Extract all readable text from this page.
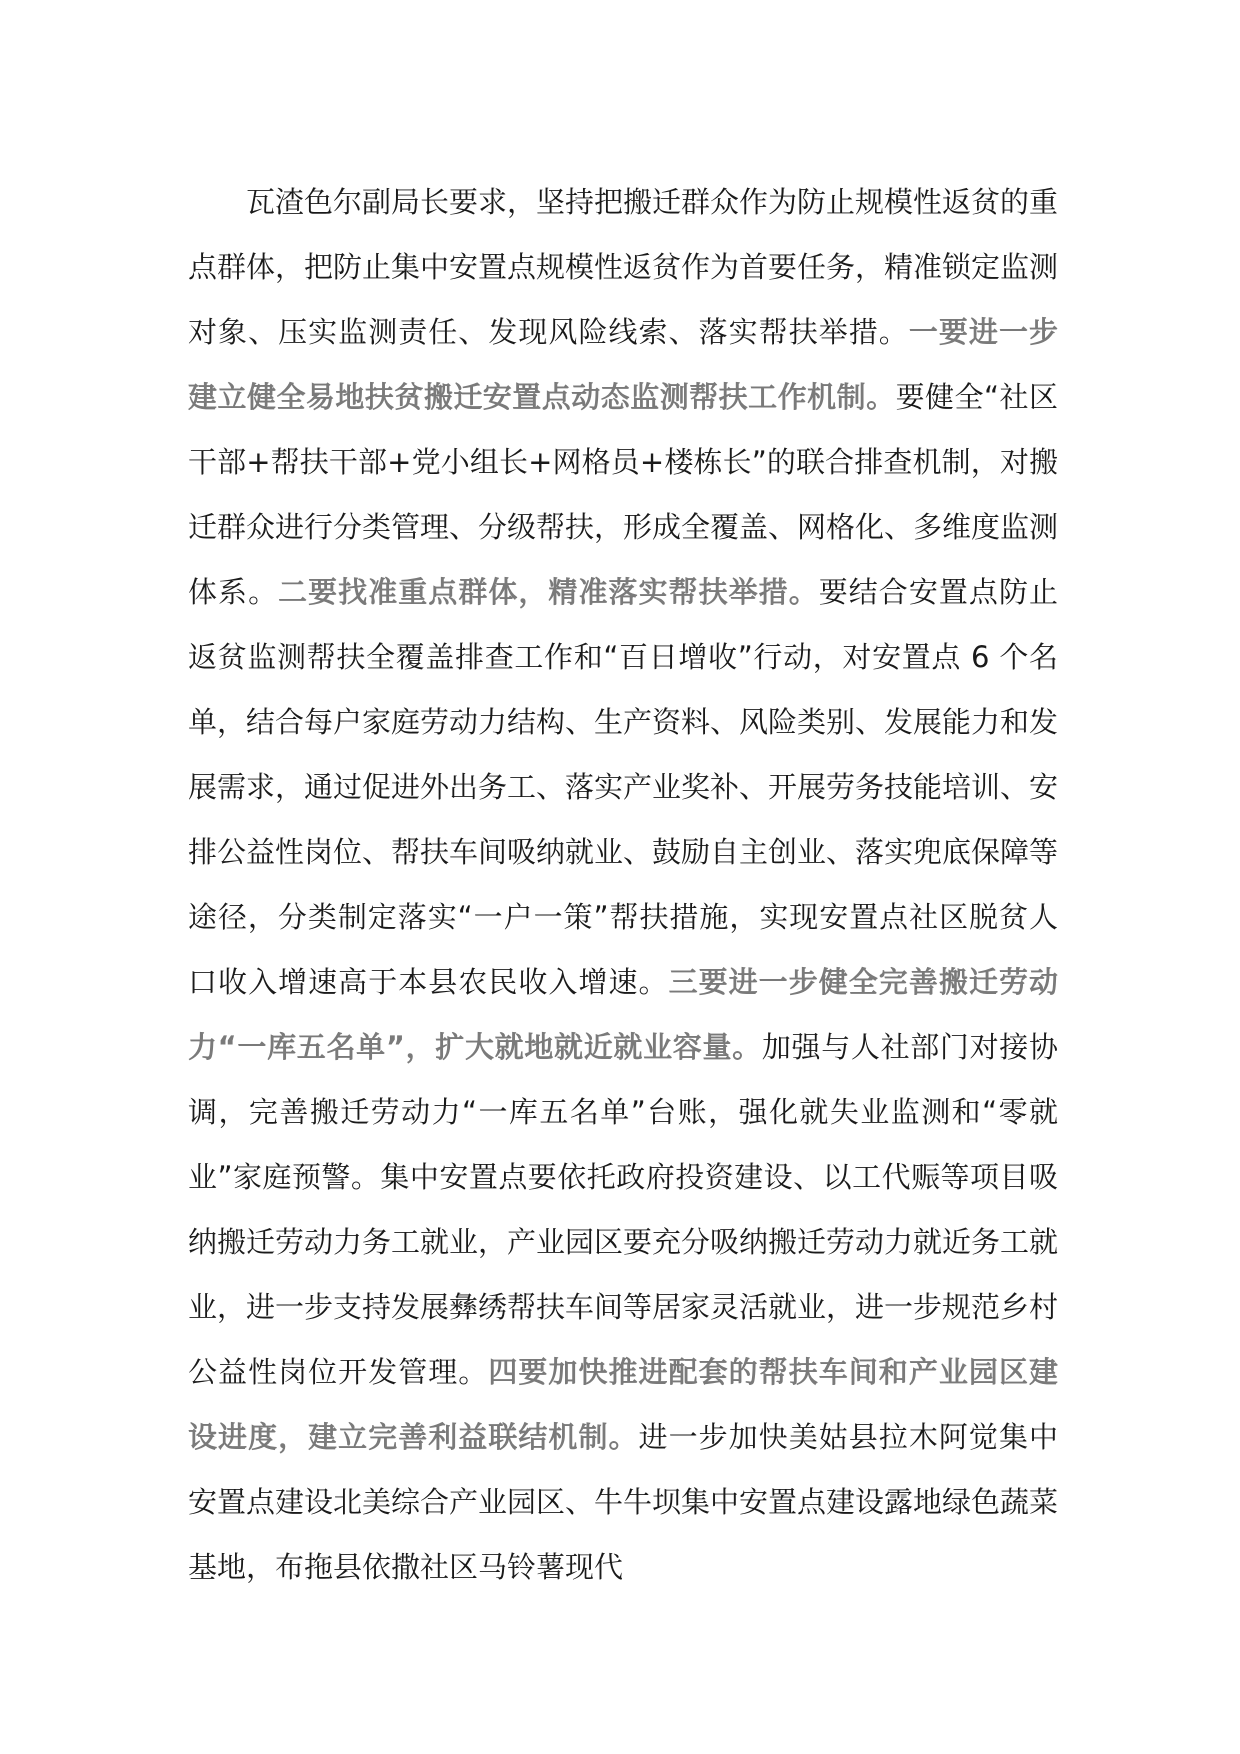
瓦渣色尔副局长要求，坚持把搬迁群众作为防止规模性返贫的重点群体，把防止集中安置点规模性返贫作为首要任务，精准锁定监测对象、压实监测责任、发现风险线索、落实帮扶举措。一要进一步建立健全易地扶贫搬迁安置点动态监测帮扶工作机制。要健全“社区干部+帮扶干部+党小组长+网格员+楼栋长”的联合排查机制，对搬迁群众进行分类管理、分级帮扶，形成全覆盖、网格化、多维度监测体系。二要找准重点群体，精准落实帮扶举措。要结合安置点防止返贫监测帮扶全覆盖排查工作和“百日增收”行动，对安置点 6 个名单，结合每户家庭劳动力结构、生产资料、风险类别、发展能力和发展需求，通过促进外出务工、落实产业奖补、开展劳务技能培训、安排公益性岗位、帮扶车间吸纳就业、鼓励自主创业、落实兜底保障等途径，分类制定落实“一户一策”帮扶措施，实现安置点社区脱贫人口收入增速高于本县农民收入增速。三要进一步健全完善搬迁劳动力“一库五名单”，扩大就地就近就业容量。加强与人社部门对接协调，完善搬迁劳动力“一库五名单”台账，强化就失业监测和“零就业”家庭预警。集中安置点要依托政府投资建设、以工代赈等项目吸纳搬迁劳动力务工就业，产业园区要充分吸纳搬迁劳动力就近务工就业，进一步支持发展彝绣帮扶车间等居家灵活就业，进一步规范乡村公益性岗位开发管理。四要加快推进配套的帮扶车间和产业园区建设进度，建立完善利益联结机制。进一步加快美姑县拉木阿觉集中安置点建设北美综合产业园区、牛牛坝集中安置点建设露地绿色蔬菜基地，布拖县依撒社区马铃薯现代
